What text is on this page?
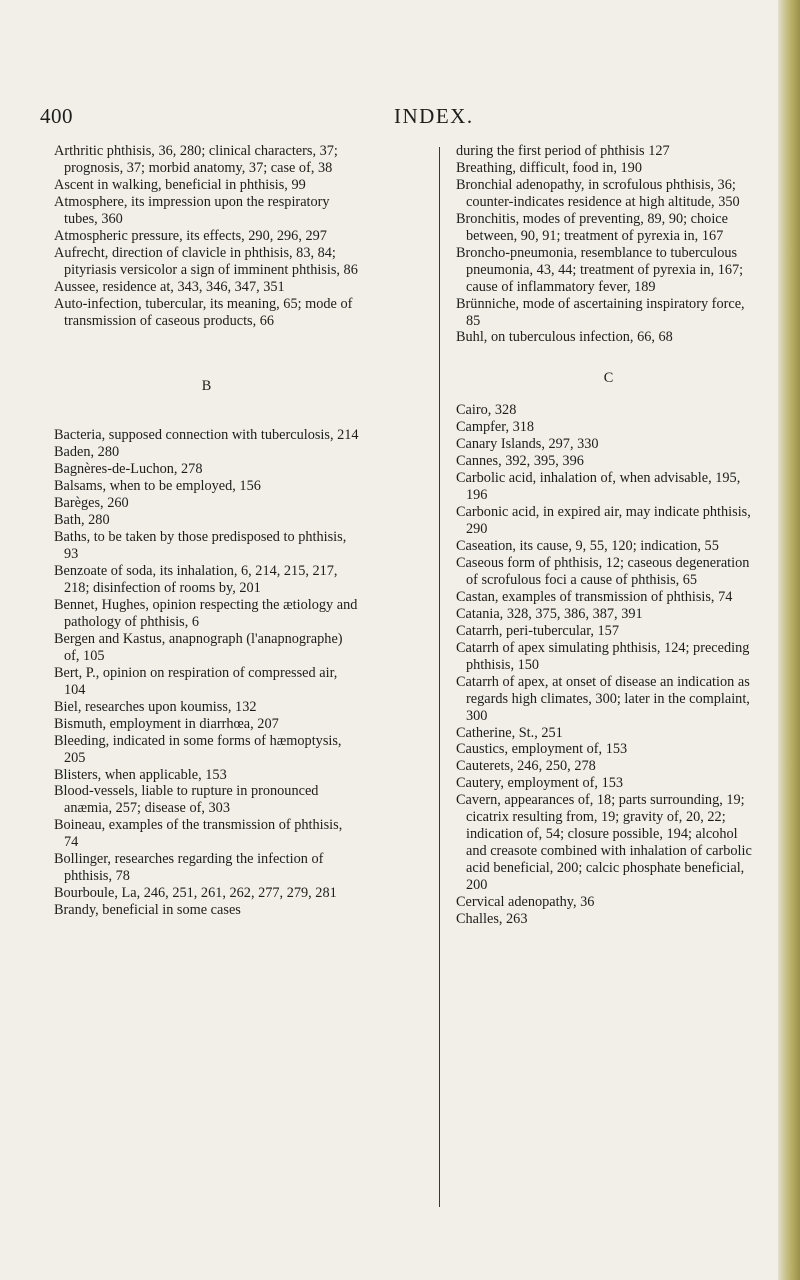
400	INDEX.
Arthritic phthisis, 36, 280; clinical characters, 37; prognosis, 37; morbid anatomy, 37; case of, 38
Ascent in walking, beneficial in phthisis, 99
Atmosphere, its impression upon the respiratory tubes, 360
Atmospheric pressure, its effects, 290, 296, 297
Aufrecht, direction of clavicle in phthisis, 83, 84; pityriasis versicolor a sign of imminent phthisis, 86
Aussee, residence at, 343, 346, 347, 351
Auto-infection, tubercular, its meaning, 65; mode of transmission of caseous products, 66
B
Bacteria, supposed connection with tuberculosis, 214
Baden, 280
Bagnères-de-Luchon, 278
Balsams, when to be employed, 156
Barèges, 260
Bath, 280
Baths, to be taken by those predisposed to phthisis, 93
Benzoate of soda, its inhalation, 6, 214, 215, 217, 218; disinfection of rooms by, 201
Bennet, Hughes, opinion respecting the ætiology and pathology of phthisis, 6
Bergen and Kastus, anapnograph (l'anapnographe) of, 105
Bert, P., opinion on respiration of compressed air, 104
Biel, researches upon koumiss, 132
Bismuth, employment in diarrhœa, 207
Bleeding, indicated in some forms of hæmoptysis, 205
Blisters, when applicable, 153
Blood-vessels, liable to rupture in pronounced anæmia, 257; disease of, 303
Boineau, examples of the transmission of phthisis, 74
Bollinger, researches regarding the infection of phthisis, 78
Bourboule, La, 246, 251, 261, 262, 277, 279, 281
Brandy, beneficial in some cases
during the first period of phthisis 127
Breathing, difficult, food in, 190
Bronchial adenopathy, in scrofulous phthisis, 36; counter-indicates residence at high altitude, 350
Bronchitis, modes of preventing, 89, 90; choice between, 90, 91; treatment of pyrexia in, 167
Broncho-pneumonia, resemblance to tuberculous pneumonia, 43, 44; treatment of pyrexia in, 167; cause of inflammatory fever, 189
Brünniche, mode of ascertaining inspiratory force, 85
Buhl, on tuberculous infection, 66, 68
C
Cairo, 328
Campfer, 318
Canary Islands, 297, 330
Cannes, 392, 395, 396
Carbolic acid, inhalation of, when advisable, 195, 196
Carbonic acid, in expired air, may indicate phthisis, 290
Caseation, its cause, 9, 55, 120; indication, 55
Caseous form of phthisis, 12; caseous degeneration of scrofulous foci a cause of phthisis, 65
Castan, examples of transmission of phthisis, 74
Catania, 328, 375, 386, 387, 391
Catarrh, peri-tubercular, 157
Catarrh of apex simulating phthisis, 124; preceding phthisis, 150
Catarrh of apex, at onset of disease an indication as regards high climates, 300; later in the complaint, 300
Catherine, St., 251
Caustics, employment of, 153
Cauterets, 246, 250, 278
Cautery, employment of, 153
Cavern, appearances of, 18; parts surrounding, 19; cicatrix resulting from, 19; gravity of, 20, 22; indication of, 54; closure possible, 194; alcohol and creasote combined with inhalation of carbolic acid beneficial, 200; calcic phosphate beneficial, 200
Cervical adenopathy, 36
Challes, 263
